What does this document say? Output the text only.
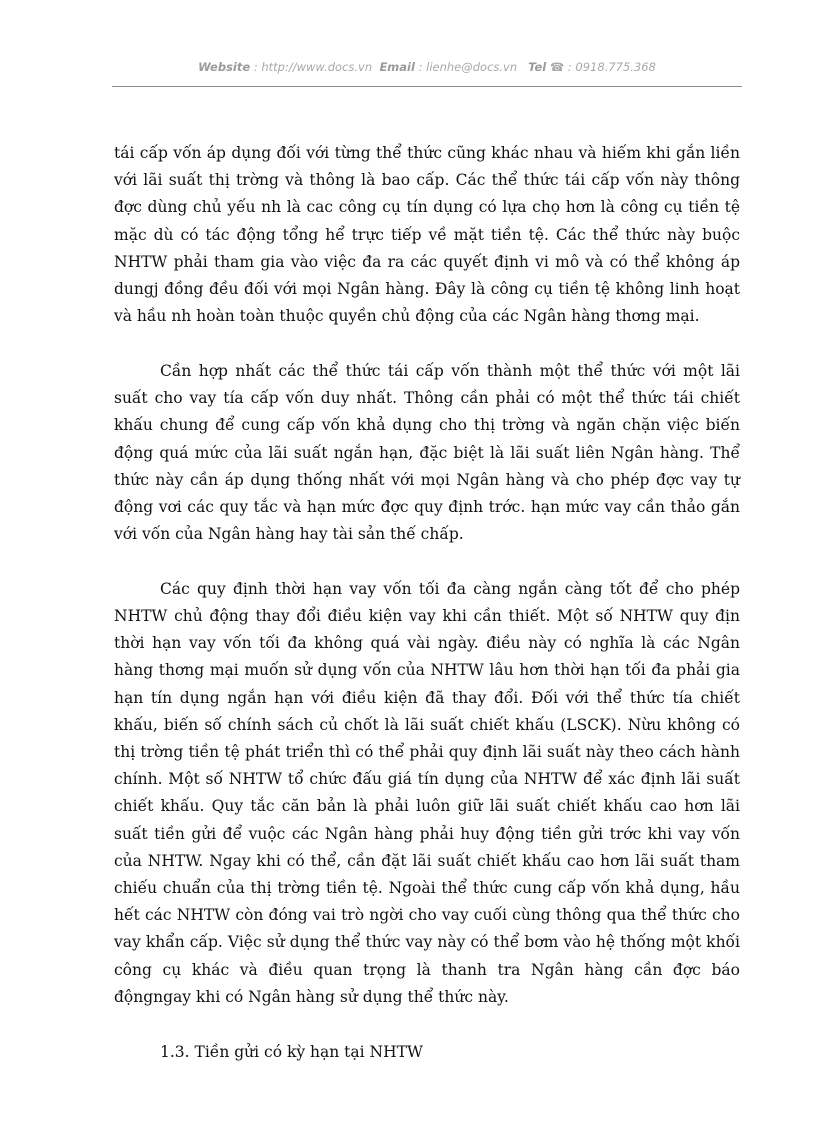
Website : http://www.docs.vn Email : lienhe@docs.vn Tel ☎ : 0918.775.368

tái cấp vốn áp dụng đối với từng thể thức cũng khác nhau và hiếm khi gắn liền với lãi suất thị trờng và thông là bao cấp. Các thể thức tái cấp vốn này thông đợc dùng chủ yếu nh là cac công cụ tín dụng có lựa chọ hơn là công cụ tiền tệ mặc dù có tác động tổng hể trực tiếp về mặt tiền tệ. Các thể thức này buộc NHTW phải tham gia vào việc đa ra các quyết định vi mô và có thể không áp dungj đồng đều đối với mọi Ngân hàng. Đây là công cụ tiền tệ không linh hoạt và hầu nh hoàn toàn thuộc quyền chủ động của các Ngân hàng thơng mại.

Cần hợp nhất các thể thức tái cấp vốn thành một thể thức với một lãi suất cho vay tía cấp vốn duy nhất. Thông cần phải có một thể thức tái chiết khấu chung để cung cấp vốn khả dụng cho thị trờng và ngăn chặn việc biến động quá mức của lãi suất ngắn hạn, đặc biệt là lãi suất liên Ngân hàng. Thể thức này cần áp dụng thống nhất với mọi Ngân hàng và cho phép đợc vay tự động vơi các quy tắc và hạn mức đợc quy định trớc. hạn mức vay cần thảo gắn với vốn của Ngân hàng hay tài sản thế chấp.

Các quy định thời hạn vay vốn tối đa càng ngắn càng tốt để cho phép NHTW chủ động thay đổi điều kiện vay khi cần thiết. Một số NHTW quy địn thời hạn vay vốn tối đa không quá vài ngày. điều này có nghĩa là các Ngân hàng thơng mại muốn sử dụng vốn của NHTW lâu hơn thời hạn tối đa phải gia hạn tín dụng ngắn hạn với điều kiện đã thay đổi. Đối với thể thức tía chiết khấu, biến số chính sách củ chốt là lãi suất chiết khấu (LSCK). Nừu không có thị trờng tiền tệ phát triển thì có thể phải quy định lãi suất này theo cách hành chính. Một số NHTW tổ chức đấu giá tín dụng của NHTW để xác định lãi suất chiết khấu. Quy tắc căn bản là phải luôn giữ lãi suất chiết khấu cao hơn lãi suất tiền gửi để vuộc các Ngân hàng phải huy động tiền gửi trớc khi vay vốn của NHTW. Ngay khi có thể, cần đặt lãi suất chiết khấu cao hơn lãi suất tham chiếu chuẩn của thị trờng tiền tệ. Ngoài thể thức cung cấp vốn khả dụng, hầu hết các NHTW còn đóng vai trò ngời cho vay cuối cùng thông qua thể thức cho vay khẩn cấp. Việc sử dụng thể thức vay này có thể bơm vào hệ thống một khối công cụ khác và điều quan trọng là thanh tra Ngân hàng cần đợc báo độngngay khi có Ngân hàng sử dụng thể thức này.

1.3. Tiền gửi có kỳ hạn tại NHTW
